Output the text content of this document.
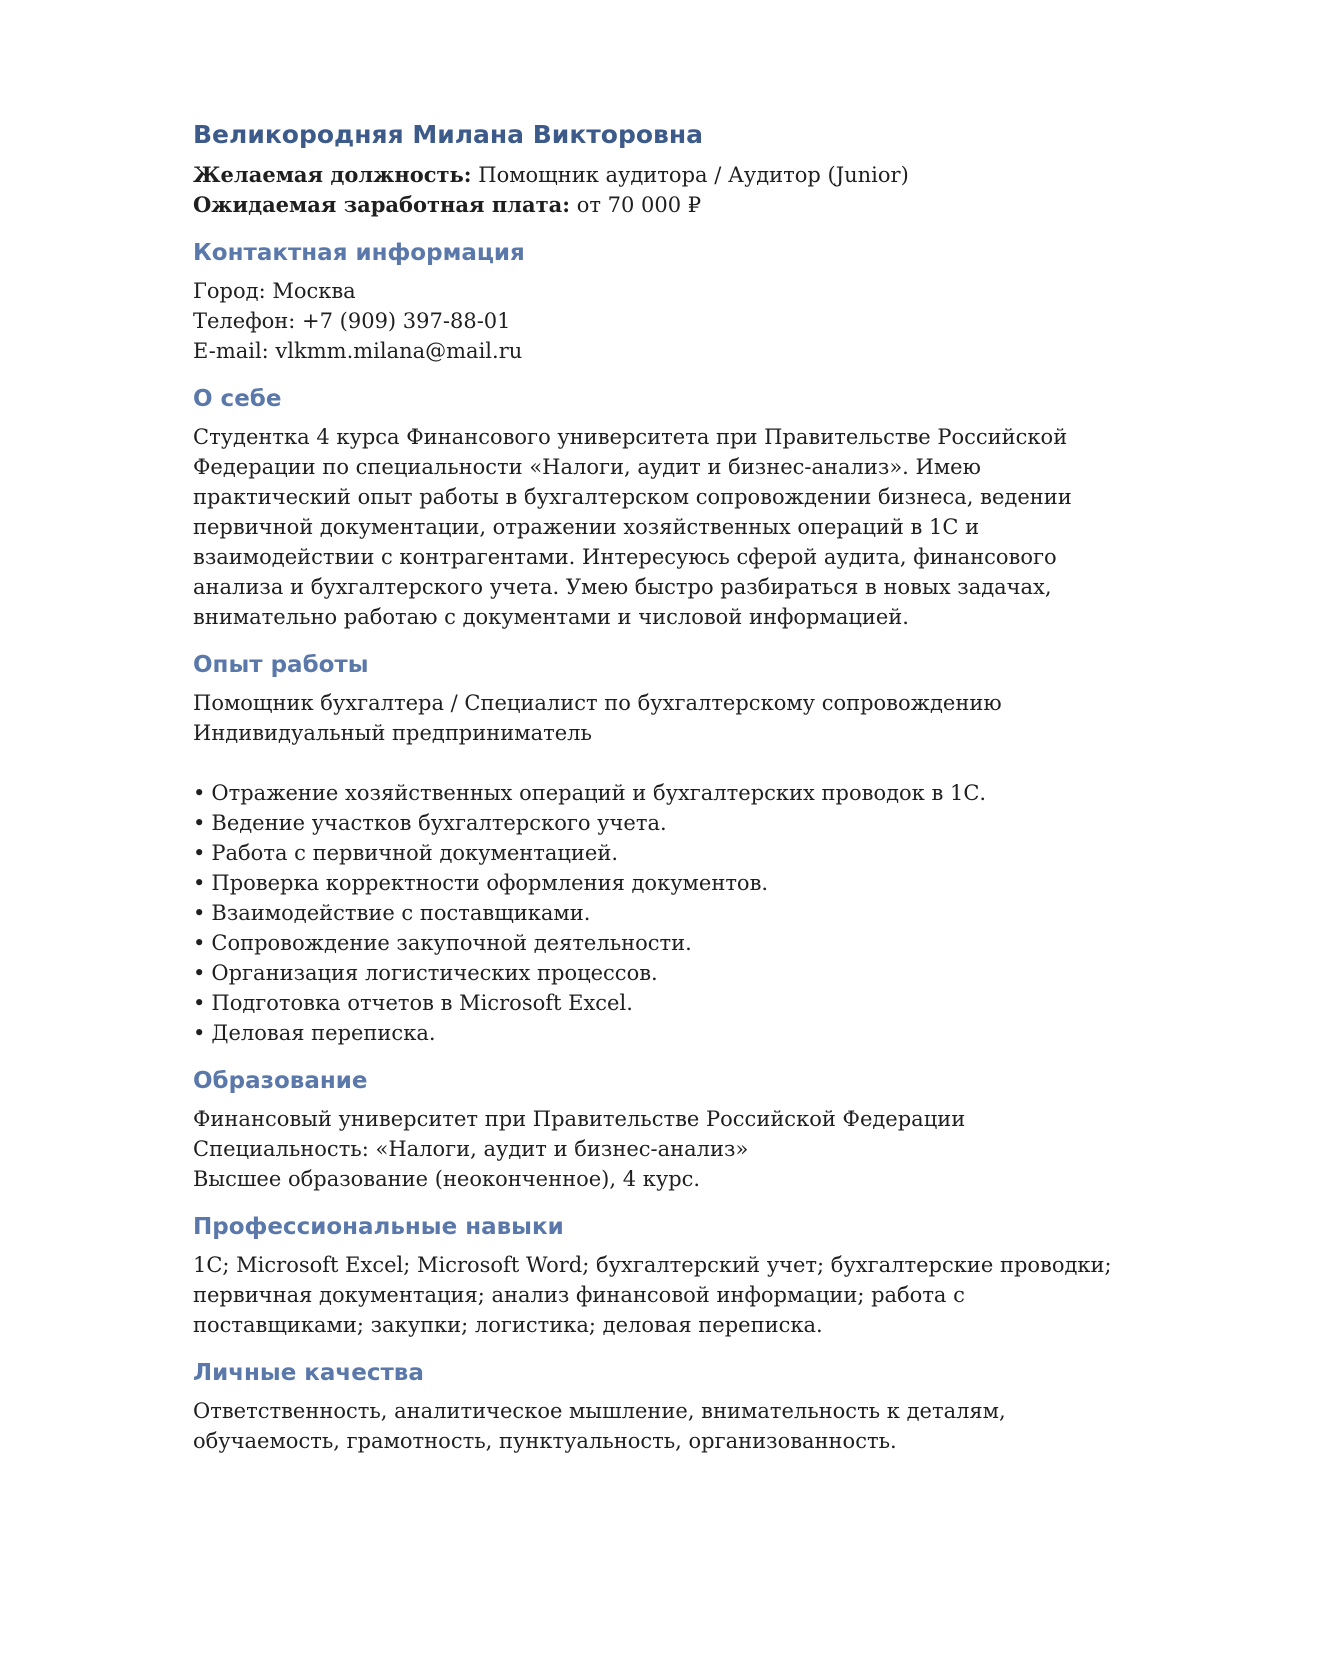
Великородняя Милана Викторовна

Желаемая должность: Помощник аудитора / Аудитор (Junior)

Ожидаемая заработная плата: от 70 000 ₽

Контактная информация

Город: Москва

Телефон: +7 (909) 397-88-01

E-mail: vlkmm.milana@mail.ru

О себе

Студентка 4 курса Финансового университета при Правительстве Российской Федерации по специальности «Налоги, аудит и бизнес-анализ». Имею практический опыт работы в бухгалтерском сопровождении бизнеса, ведении первичной документации, отражении хозяйственных операций в 1С и взаимодействии с контрагентами. Интересуюсь сферой аудита, финансового анализа и бухгалтерского учета. Умею быстро разбираться в новых задачах, внимательно работаю с документами и числовой информацией.

Опыт работы

Помощник бухгалтера / Специалист по бухгалтерскому сопровождению

Индивидуальный предприниматель

• Отражение хозяйственных операций и бухгалтерских проводок в 1С.
• Ведение участков бухгалтерского учета.
• Работа с первичной документацией.
• Проверка корректности оформления документов.
• Взаимодействие с поставщиками.
• Сопровождение закупочной деятельности.
• Организация логистических процессов.
• Подготовка отчетов в Microsoft Excel.
• Деловая переписка.
Образование

Финансовый университет при Правительстве Российской Федерации

Специальность: «Налоги, аудит и бизнес-анализ»

Высшее образование (неоконченное), 4 курс.

Профессиональные навыки

1С; Microsoft Excel; Microsoft Word; бухгалтерский учет; бухгалтерские проводки; первичная документация; анализ финансовой информации; работа с поставщиками; закупки; логистика; деловая переписка.

Личные качества

Ответственность, аналитическое мышление, внимательность к деталям, обучаемость, грамотность, пунктуальность, организованность.
